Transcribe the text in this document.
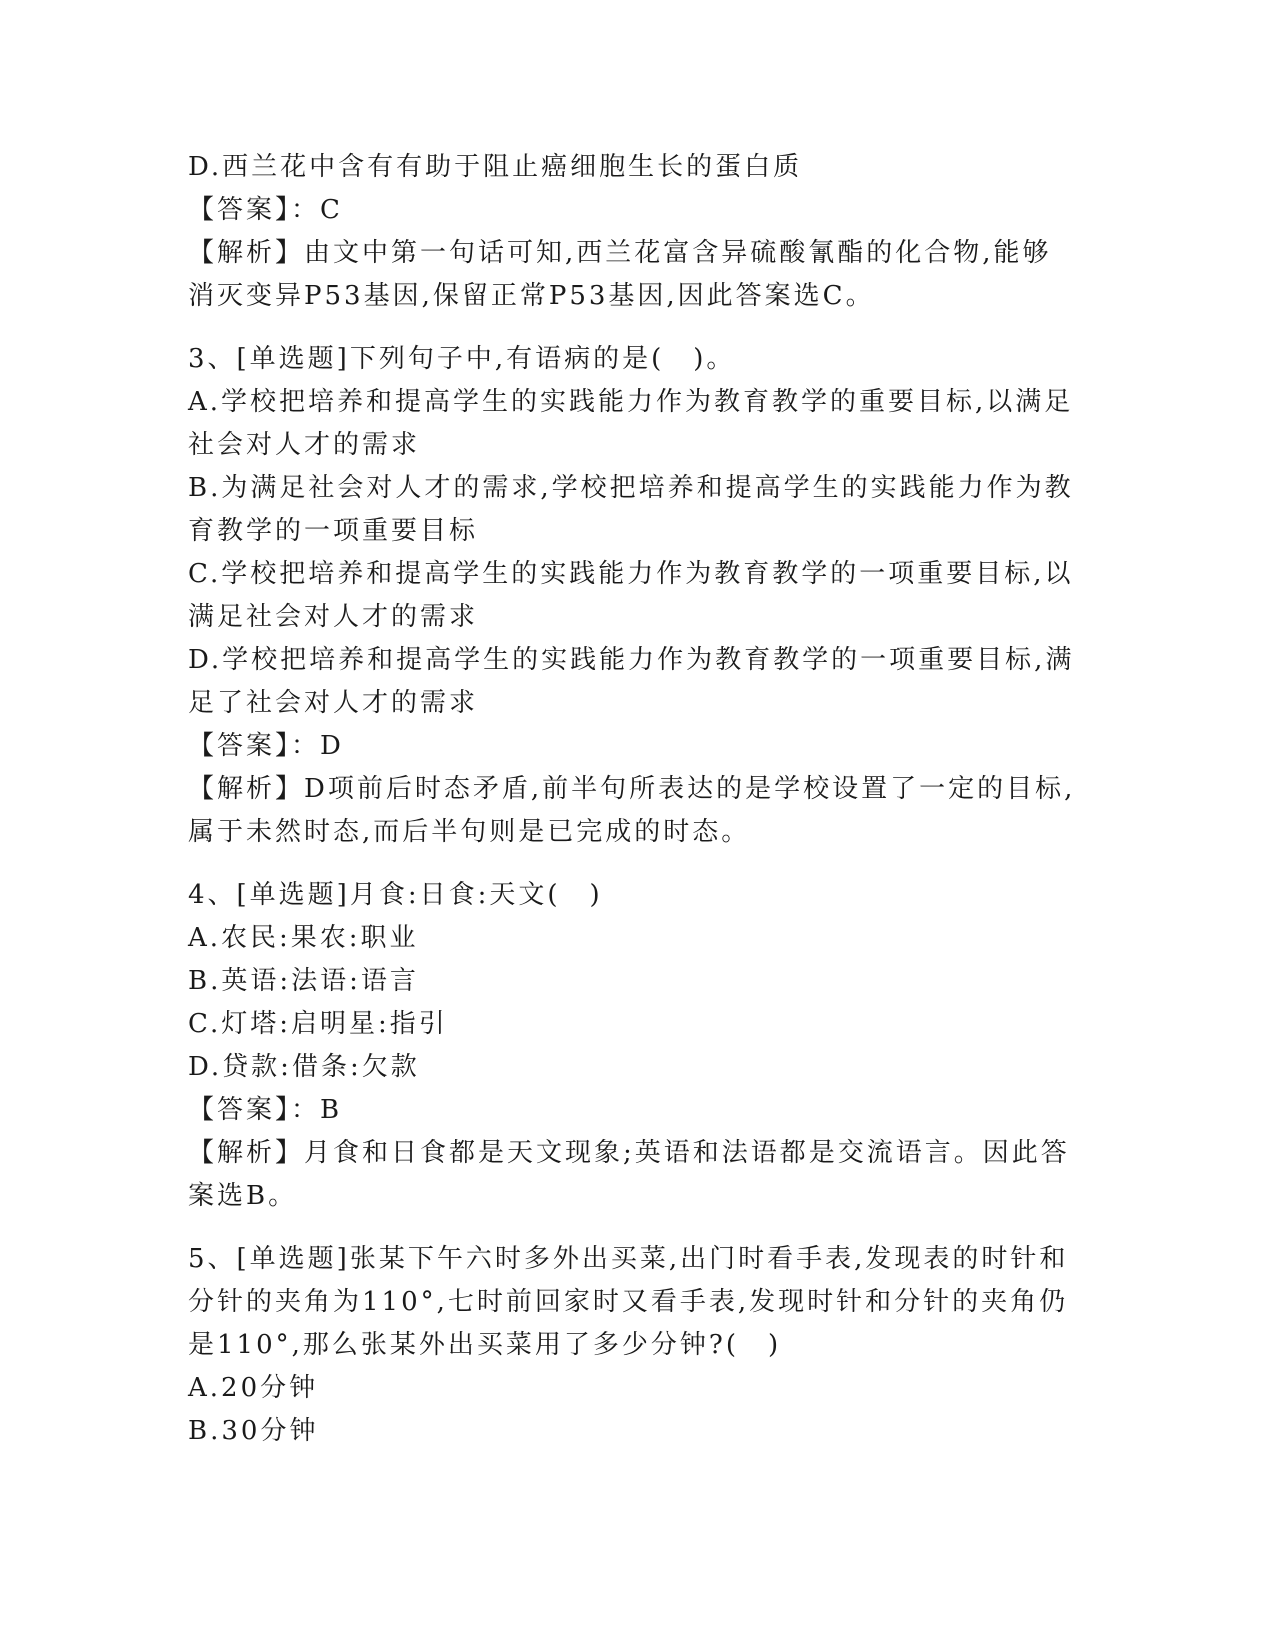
D.西兰花中含有有助于阻止癌细胞生长的蛋白质

【答案】：C

【解析】由文中第一句话可知,西兰花富含异硫酸氰酯的化合物,能够

消灭变异P53基因,保留正常P53基因,因此答案选C。

3、[单选题]下列句子中,有语病的是(　)。

A.学校把培养和提高学生的实践能力作为教育教学的重要目标,以满足

社会对人才的需求

B.为满足社会对人才的需求,学校把培养和提高学生的实践能力作为教

育教学的一项重要目标

C.学校把培养和提高学生的实践能力作为教育教学的一项重要目标,以

满足社会对人才的需求

D.学校把培养和提高学生的实践能力作为教育教学的一项重要目标,满

足了社会对人才的需求

【答案】：D

【解析】D项前后时态矛盾,前半句所表达的是学校设置了一定的目标,

属于未然时态,而后半句则是已完成的时态。

4、[单选题]月食:日食:天文(　)

A.农民:果农:职业

B.英语:法语:语言

C.灯塔:启明星:指引

D.贷款:借条:欠款

【答案】：B

【解析】月食和日食都是天文现象;英语和法语都是交流语言。因此答

案选B。

5、[单选题]张某下午六时多外出买菜,出门时看手表,发现表的时针和

分针的夹角为110°,七时前回家时又看手表,发现时针和分针的夹角仍

是110°,那么张某外出买菜用了多少分钟?(　)

A.20分钟

B.30分钟
